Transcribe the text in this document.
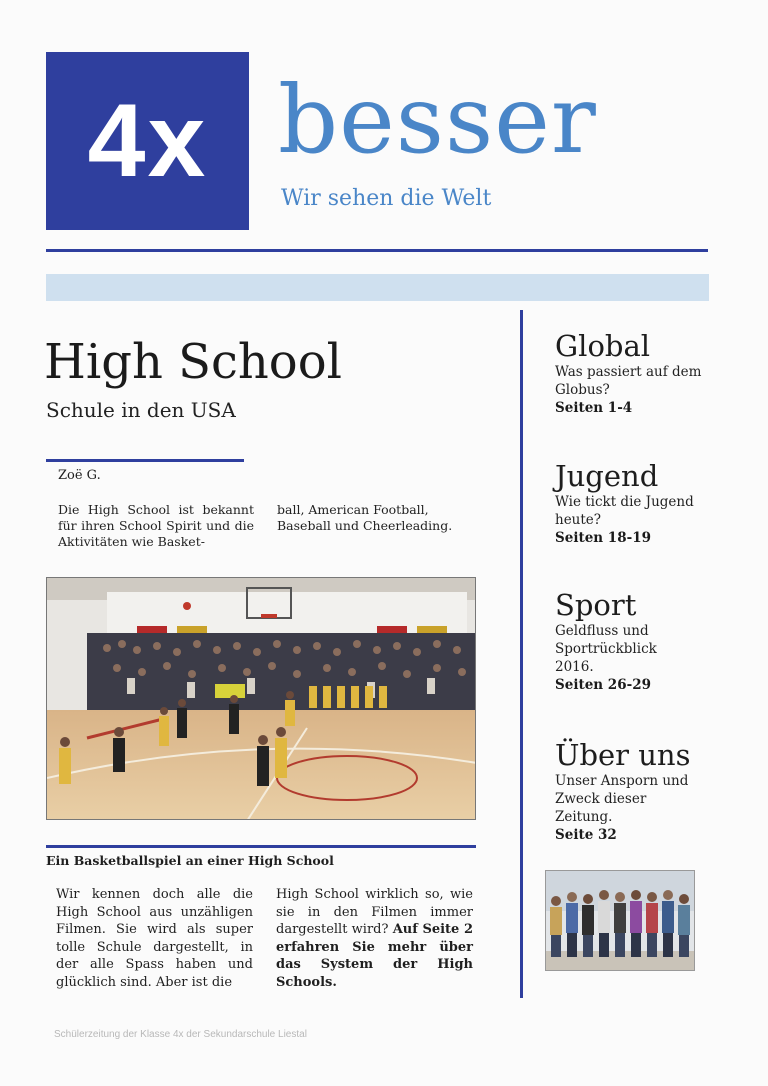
4x besser
Wir sehen die Welt
High School
Schule in den USA
Zoë G.
Die High School ist bekannt für ihren School Spirit und die Aktivitäten wie Basket-
ball, American Football, Baseball und Cheerleading.
Ein Basketballspiel an einer High School
Wir kennen doch alle die High School aus unzähligen Filmen. Sie wird als super tolle Schule dargestellt, in der alle Spass haben und glücklich sind. Aber ist die
High School wirklich so, wie sie in den Filmen immer dargestellt wird? Auf Seite 2 erfahren Sie mehr über das System der High Schools.
Global
Was passiert auf dem Globus?
Seiten 1-4
Jugend
Wie tickt die Jugend heute?
Seiten 18-19
Sport
Geldfluss und Sportrückblick 2016.
Seiten 26-29
Über uns
Unser Ansporn und Zweck dieser Zeitung.
Seite 32
Schülerzeitung der Klasse 4x der Sekundarschule Liestal
